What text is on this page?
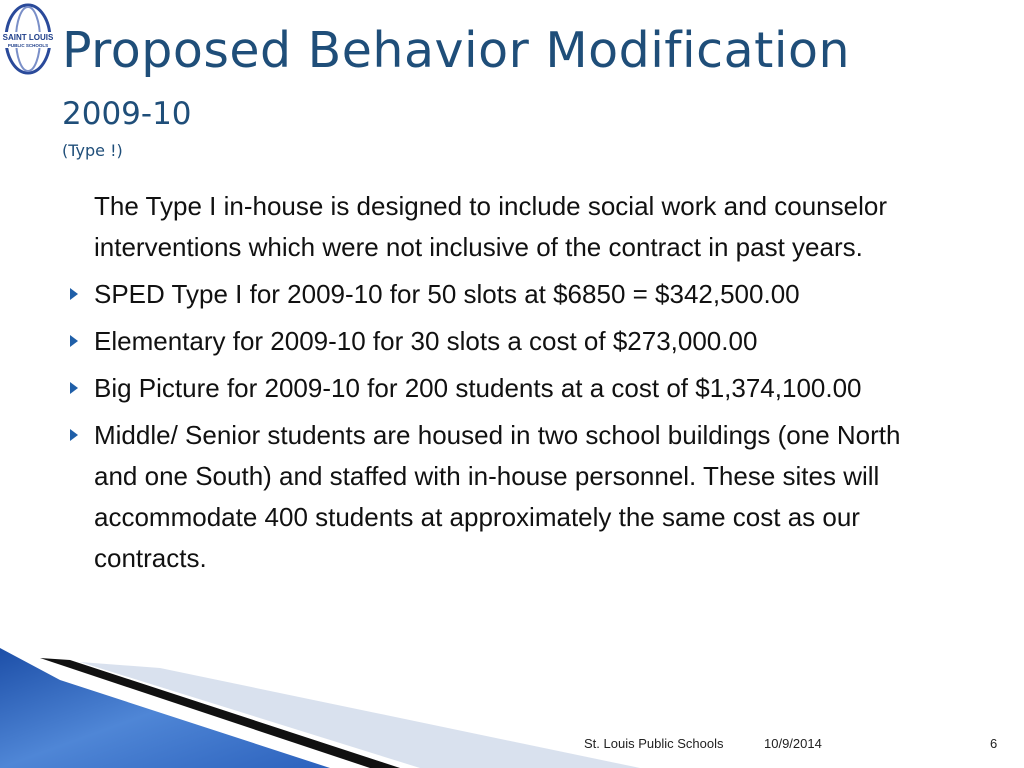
SAINT LOUIS
PUBLIC SCHOOLS Proposed Behavior Modification
2009-10
(Type !)

The Type I in-house is designed to include social work and counselor interventions which were not inclusive of the contract in past years.

SPED Type I for 2009-10 for 50 slots at $6850 = $342,500.00
Elementary for 2009-10 for 30 slots a cost of $273,000.00
Big Picture for 2009-10 for 200 students at a cost of $1,374,100.00
Middle/ Senior students are housed in two school buildings (one North and one South) and staffed with in-house personnel. These sites will accommodate 400 students at approximately the same cost as our contracts.
St. Louis Public Schools	10/9/2014	6
